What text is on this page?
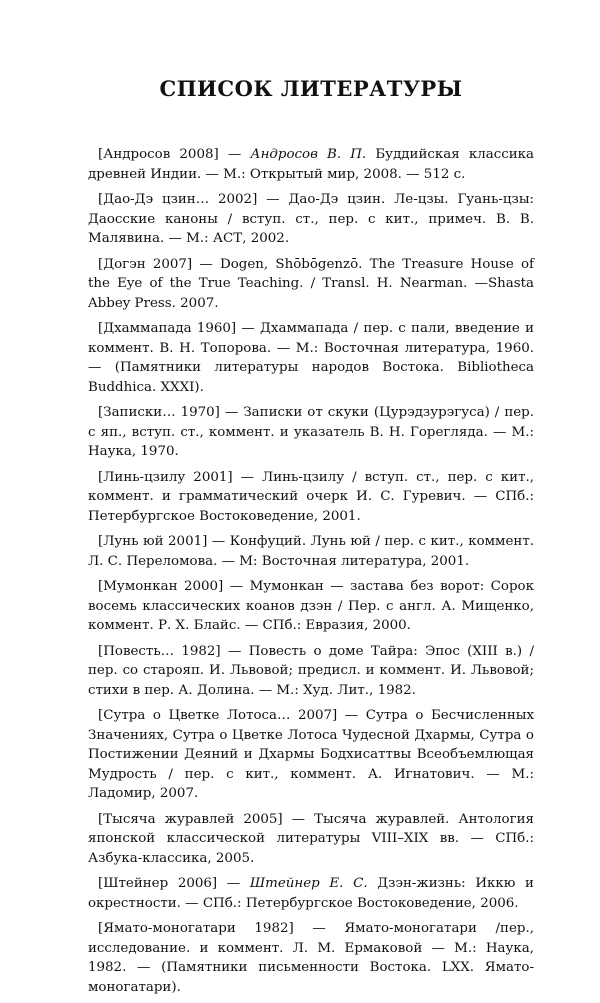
СПИСОК ЛИТЕРАТУРЫ
[Андросов 2008] — Андросов В. П. Буддийская классика древней Индии. — М.: Открытый мир, 2008. — 512 с.
[Дао-Дэ цзин… 2002] — Дао-Дэ цзин. Ле-цзы. Гуань-цзы: Даосские каноны / вступ. ст., пер. с кит., примеч. В. В. Малявина. — М.: АСТ, 2002.
[Догэн 2007] — Dogen, Shōbōgenzō. The Treasure House of the Eye of the True Teaching. / Transl. H. Nearman. —Shasta Abbey Press. 2007.
[Дхаммапада 1960] — Дхаммапада / пер. с пали, введение и коммент. В. Н. Топорова. — М.: Восточная литература, 1960. — (Памятники литературы народов Востока. Bibliotheca Buddhica. XXXI).
[Записки… 1970] — Записки от скуки (Цурэдзурэгуса) / пер. с яп., вступ. ст., коммент. и указатель В. Н. Горегляда. — М.: Наука, 1970.
[Линь-цзилу 2001] — Линь-цзилу / вступ. ст., пер. с кит., коммент. и грамматический очерк И. С. Гуревич. — СПб.: Петербургское Востоковедение, 2001.
[Лунь юй 2001] — Конфуций. Лунь юй / пер. с кит., коммент. Л. С. Переломова. — М: Восточная литература, 2001.
[Мумонкан 2000] — Мумонкан — застава без ворот: Сорок восемь классических коанов дзэн / Пер. с англ. А. Мищенко, коммент. Р. Х. Блайс. — СПб.: Евразия, 2000.
[Повесть… 1982] — Повесть о доме Тайра: Эпос (XIII в.) / пер. со старояп. И. Львовой; предисл. и коммент. И. Львовой; стихи в пер. А. Долина. — М.: Худ. Лит., 1982.
[Сутра о Цветке Лотоса… 2007] — Сутра о Бесчисленных Значениях, Сутра о Цветке Лотоса Чудесной Дхармы, Сутра о Постижении Деяний и Дхармы Бодхисаттвы Всеобъемлющая Мудрость / пер. с кит., коммент. А. Игнатович. — М.: Ладомир, 2007.
[Тысяча журавлей 2005] — Тысяча журавлей. Антология японской классической литературы VIII–XIX вв. — СПб.: Азбука-классика, 2005.
[Штейнер 2006] — Штейнер Е. С. Дзэн-жизнь: Иккю и окрестности. — СПб.: Петербургское Востоковедение, 2006.
[Ямато-моногатари 1982] — Ямато-моногатари /пер., исследование. и коммент. Л. М. Ермаковой — М.: Наука, 1982. — (Памятники письменности Востока. LXX. Ямато-моногатари).
